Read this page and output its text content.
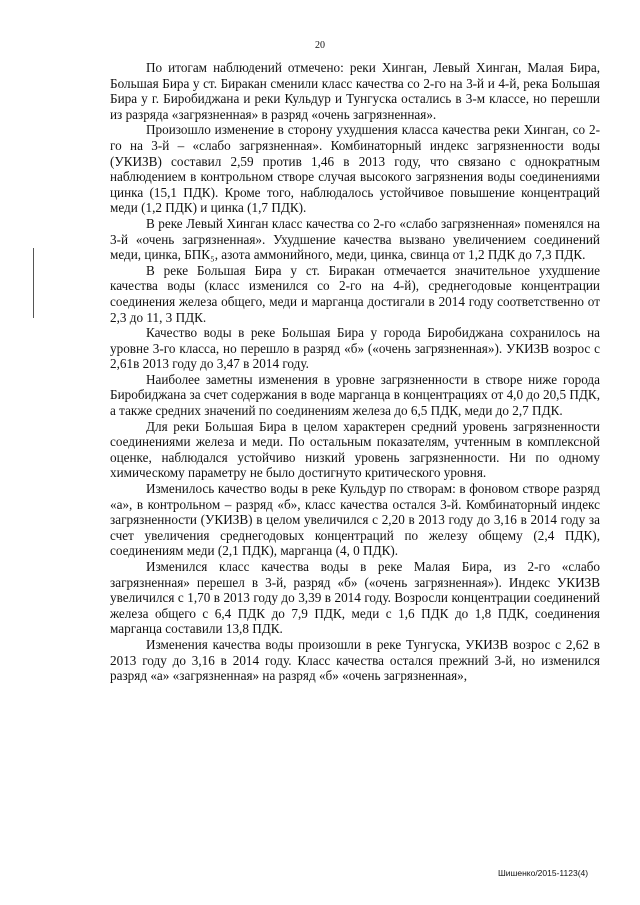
20

По итогам наблюдений отмечено: реки Хинган, Левый Хинган, Малая Бира, Большая Бира у ст. Биракан сменили класс качества со 2-го на 3-й и 4-й, река Большая Бира у г. Биробиджана и реки Кульдур и Тунгуска остались в 3-м классе, но перешли из разряда «загрязненная» в разряд «очень загрязненная».

Произошло изменение в сторону ухудшения класса качества реки Хинган, со 2-го на 3-й – «слабо загрязненная». Комбинаторный индекс загрязненности воды (УКИЗВ) составил 2,59 против 1,46 в 2013 году, что связано с однократным наблюдением в контрольном створе случая высокого загрязнения воды соединениями цинка (15,1 ПДК). Кроме того, наблюдалось устойчивое повышение концентраций меди (1,2 ПДК) и цинка (1,7 ПДК).

В реке Левый Хинган класс качества со 2-го «слабо загрязненная» поменялся на 3-й «очень загрязненная». Ухудшение качества вызвано увеличением соединений меди, цинка, БПК₅, азота аммонийного, меди, цинка, свинца от 1,2 ПДК до 7,3 ПДК.

В реке Большая Бира у ст. Биракан отмечается значительное ухудшение качества воды (класс изменился со 2-го на 4-й), среднегодовые концентрации соединения железа общего, меди и марганца достигали в 2014 году соответственно от 2,3 до 11, 3 ПДК.

Качество воды в реке Большая Бира у города Биробиджана сохранилось на уровне 3-го класса, но перешло в разряд «б» («очень загрязненная»). УКИЗВ возрос с 2,61в 2013 году до 3,47 в 2014 году.

Наиболее заметны изменения в уровне загрязненности в створе ниже города Биробиджана за счет содержания в воде марганца в концентрациях от 4,0 до 20,5 ПДК, а также средних значений по соединениям железа до 6,5 ПДК, меди до 2,7 ПДК.

Для реки Большая Бира в целом характерен средний уровень загрязненности соединениями железа и меди. По остальным показателям, учтенным в комплексной оценке, наблюдался устойчиво низкий уровень загрязненности. Ни по одному химическому параметру не было достигнуто критического уровня.

Изменилось качество воды в реке Кульдур по створам: в фоновом створе разряд «а», в контрольном – разряд «б», класс качества остался 3-й. Комбинаторный индекс загрязненности (УКИЗВ) в целом увеличился с 2,20 в 2013 году до 3,16 в 2014 году за счет увеличения среднегодовых концентраций по железу общему (2,4 ПДК), соединениям меди (2,1 ПДК), марганца (4, 0 ПДК).

Изменился класс качества воды в реке Малая Бира, из 2-го «слабо загрязненная» перешел в 3-й, разряд «б» («очень загрязненная»). Индекс УКИЗВ увеличился с 1,70 в 2013 году до 3,39 в 2014 году. Возросли концентрации соединений железа общего с 6,4 ПДК до 7,9 ПДК, меди с 1,6 ПДК до 1,8 ПДК, соединения марганца составили 13,8 ПДК.

Изменения качества воды произошли в реке Тунгуска, УКИЗВ возрос с 2,62 в 2013 году до 3,16 в 2014 году. Класс качества остался прежний 3-й, но изменился разряд «а» «загрязненная» на разряд «б» «очень загрязненная»,

Шишенко/2015-1123(4)
